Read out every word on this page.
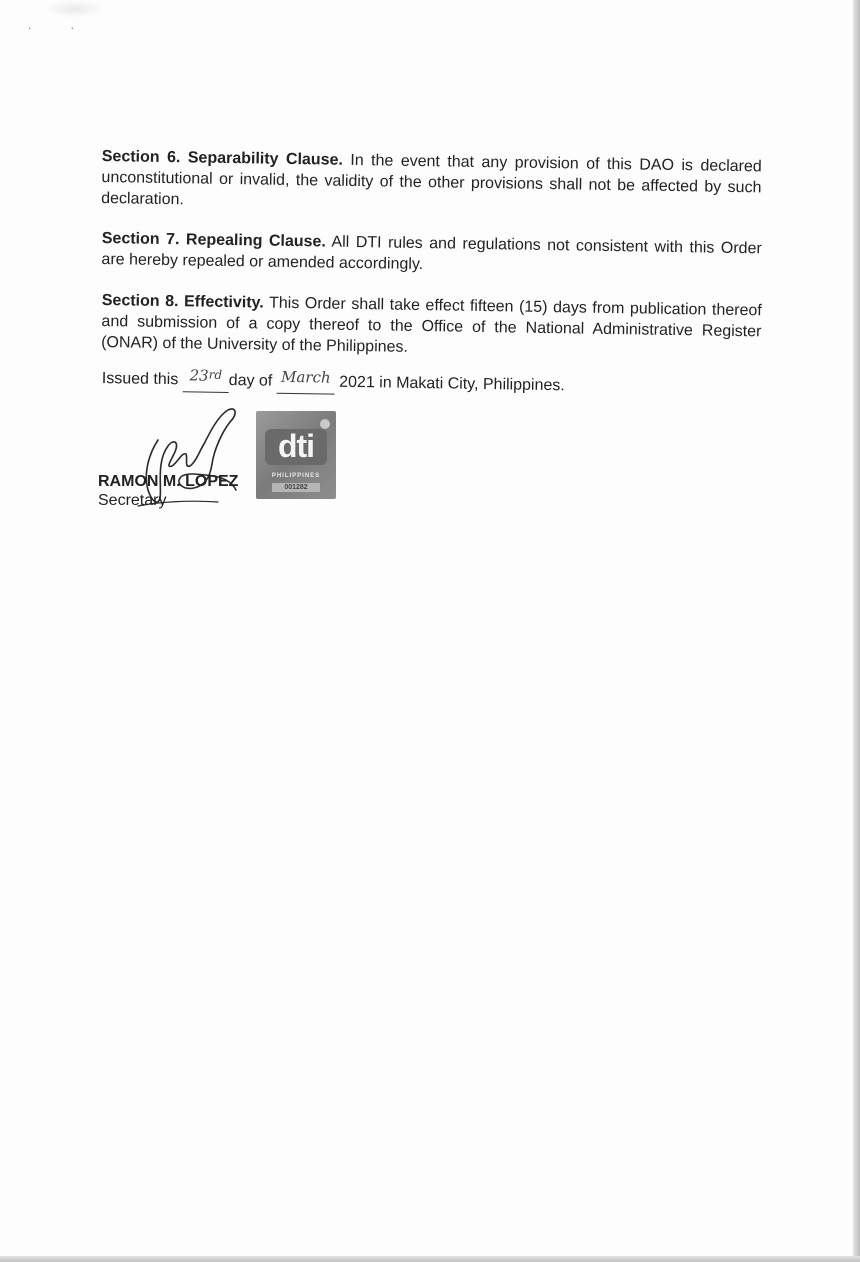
. .

Section 6. Separability Clause. In the event that any provision of this DAO is declared unconstitutional or invalid, the validity of the other provisions shall not be affected by such declaration.

Section 7. Repealing Clause. All DTI rules and regulations not consistent with this Order are hereby repealed or amended accordingly.

Section 8. Effectivity. This Order shall take effect fifteen (15) days from publication thereof and submission of a copy thereof to the Office of the National Administrative Register (ONAR) of the University of the Philippines.

Issued this 23rd day of March 2021 in Makati City, Philippines.
RAMON M. LOPEZ
Secretary
dti
PHILIPPINES
001282
